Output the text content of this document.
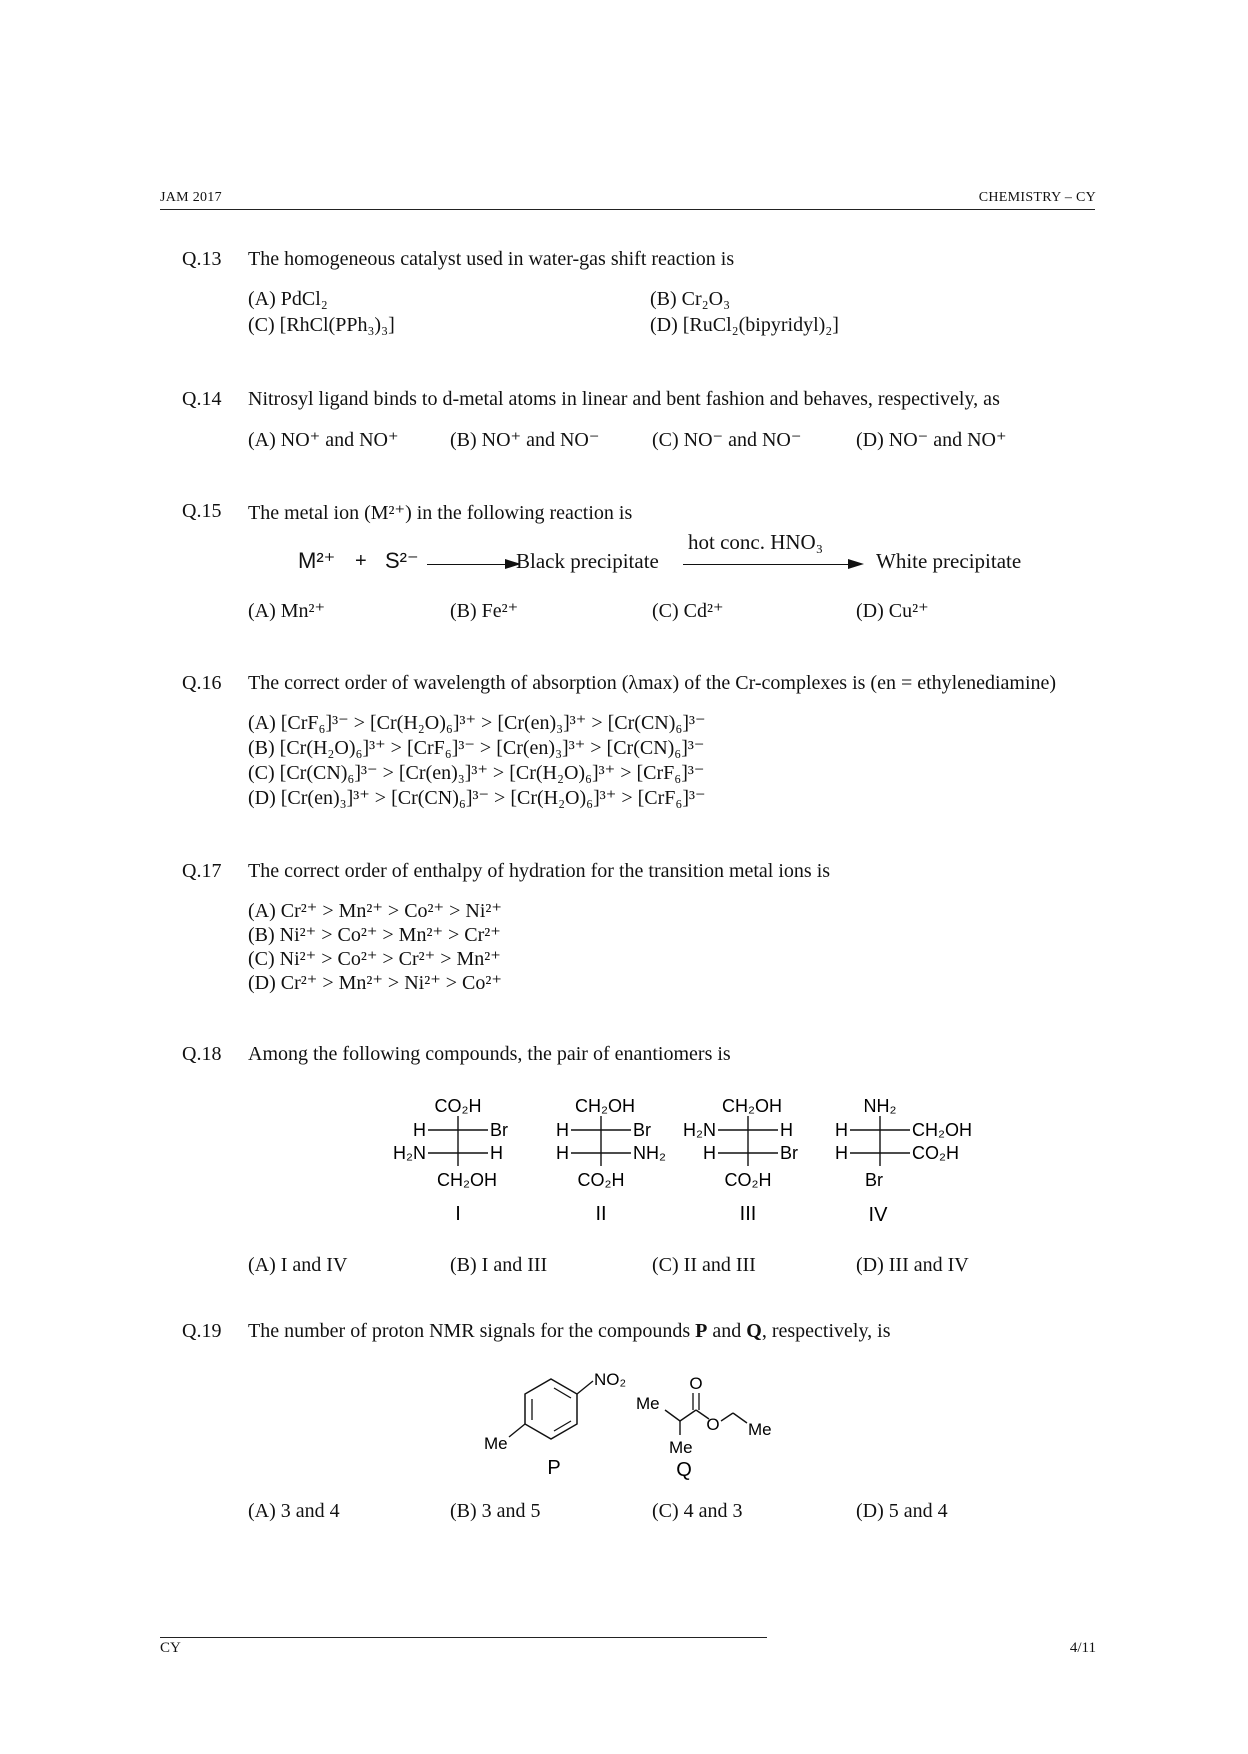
JAM 2017	CHEMISTRY – CY
Q.13 The homogeneous catalyst used in water-gas shift reaction is
(A) PdCl₂	(B) Cr₂O₃
(C) [RhCl(PPh₃)₃]	(D) [RuCl₂(bipyridyl)₂]
Q.14 Nitrosyl ligand binds to d-metal atoms in linear and bent fashion and behaves, respectively, as
(A) NO⁺ and NO⁺	(B) NO⁺ and NO⁻	(C) NO⁻ and NO⁻	(D) NO⁻ and NO⁺
Q.15 The metal ion (M²⁺) in the following reaction is
M²⁺ + S²⁻	Black precipitate
hot conc. HNO₃
White precipitate
(A) Mn²⁺	(B) Fe²⁺	(C) Cd²⁺	(D) Cu²⁺
Q.16 The correct order of wavelength of absorption (λmax) of the Cr-complexes is (en = ethylenediamine)
(A) [CrF₆]³⁻ > [Cr(H₂O)₆]³⁺ > [Cr(en)₃]³⁺ > [Cr(CN)₆]³⁻
(B) [Cr(H₂O)₆]³⁺ > [CrF₆]³⁻ > [Cr(en)₃]³⁺ > [Cr(CN)₆]³⁻
(C) [Cr(CN)₆]³⁻ > [Cr(en)₃]³⁺ > [Cr(H₂O)₆]³⁺ > [CrF₆]³⁻
(D) [Cr(en)₃]³⁺ > [Cr(CN)₆]³⁻ > [Cr(H₂O)₆]³⁺ > [CrF₆]³⁻
Q.17 The correct order of enthalpy of hydration for the transition metal ions is
(A) Cr²⁺ > Mn²⁺ > Co²⁺ > Ni²⁺
(B) Ni²⁺ > Co²⁺ > Mn²⁺ > Cr²⁺
(C) Ni²⁺ > Co²⁺ > Cr²⁺ > Mn²⁺
(D) Cr²⁺ > Mn²⁺ > Ni²⁺ > Co²⁺
Q.18 Among the following compounds, the pair of enantiomers is
CO₂H
H	Br
H₂N	H
CH₂OH
I
CH₂OH
H	Br
H	NH₂
CO₂H
II
CH₂OH
H₂N	H
H	Br
CO₂H
III
NH₂
H	CH₂OH
H	CO₂H
Br
IV
(A) I and IV	(B) I and III	(C) II and III	(D) III and IV
Q.19 The number of proton NMR signals for the compounds P and Q, respectively, is
NO₂
Me
P
O
O
Me
Me
Me
Q
(A) 3 and 4	(B) 3 and 5	(C) 4 and 3	(D) 5 and 4
CY	4/11
